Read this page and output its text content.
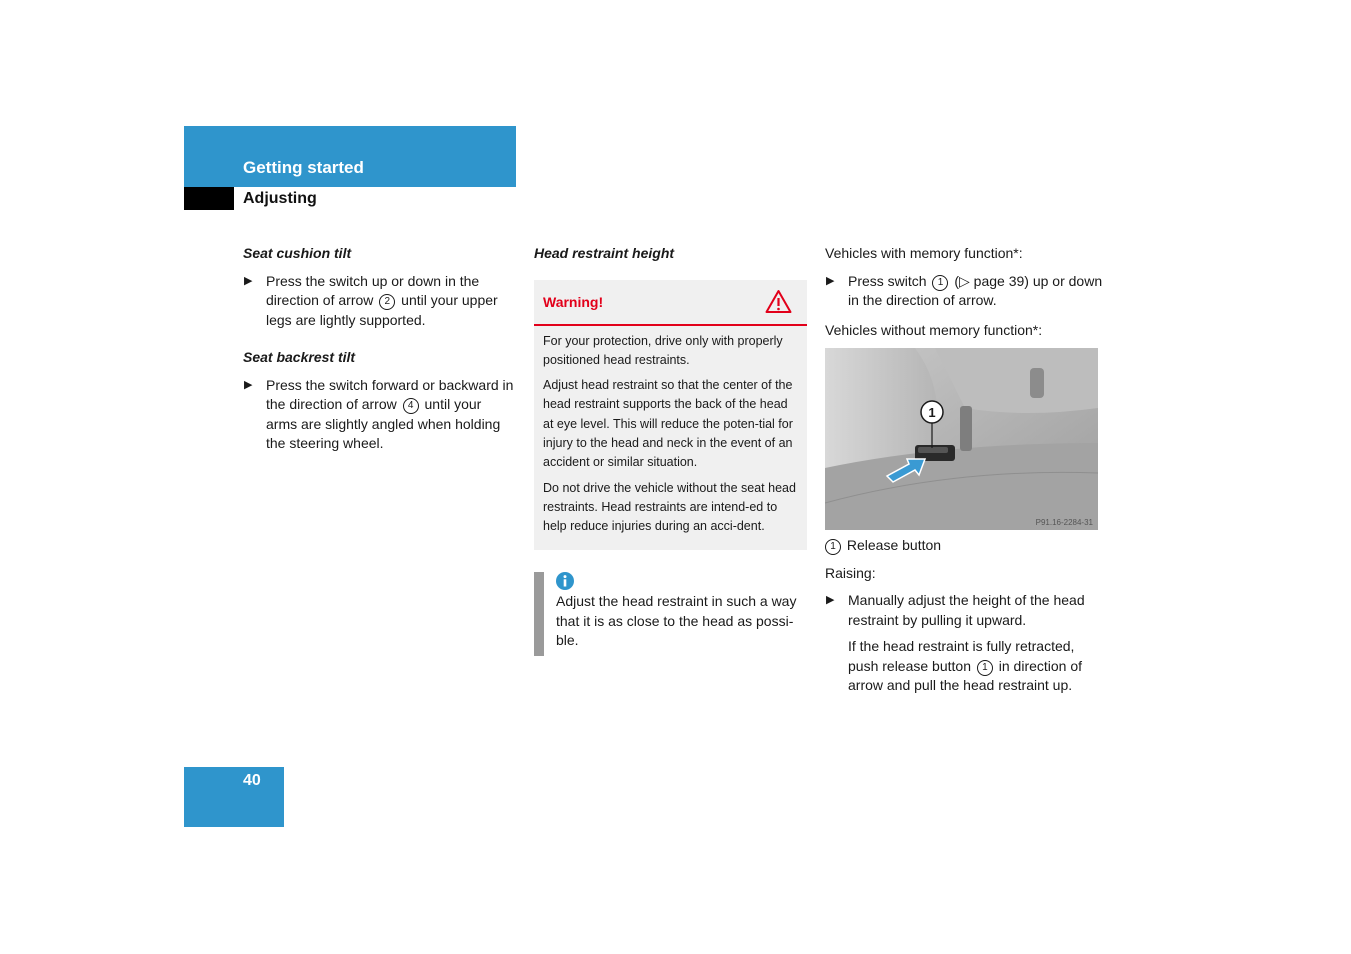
Getting started
Adjusting
Seat cushion tilt
▶ Press the switch up or down in the direction of arrow 2 until your upper legs are lightly supported.
Seat backrest tilt
▶ Press the switch forward or backward in the direction of arrow 4 until your arms are slightly angled when holding the steering wheel.
Head restraint height
Warning!

For your protection, drive only with properly positioned head restraints.

Adjust head restraint so that the center of the head restraint supports the back of the head at eye level. This will reduce the poten-tial for injury to the head and neck in the event of an accident or similar situation.

Do not drive the vehicle without the seat head restraints. Head restraints are intend-ed to help reduce injuries during an acci-dent.

Adjust the head restraint in such a way that it is as close to the head as possi-ble.

Vehicles with memory function*:

▶ Press switch 1 (▷ page 39) up or down in the direction of arrow.

Vehicles without memory function*:

1
P91.16-2284-31

1 Release button

Raising:

▶ Manually adjust the height of the head restraint by pulling it upward.
If the head restraint is fully retracted, push release button 1 in direction of arrow and pull the head restraint up.
40
